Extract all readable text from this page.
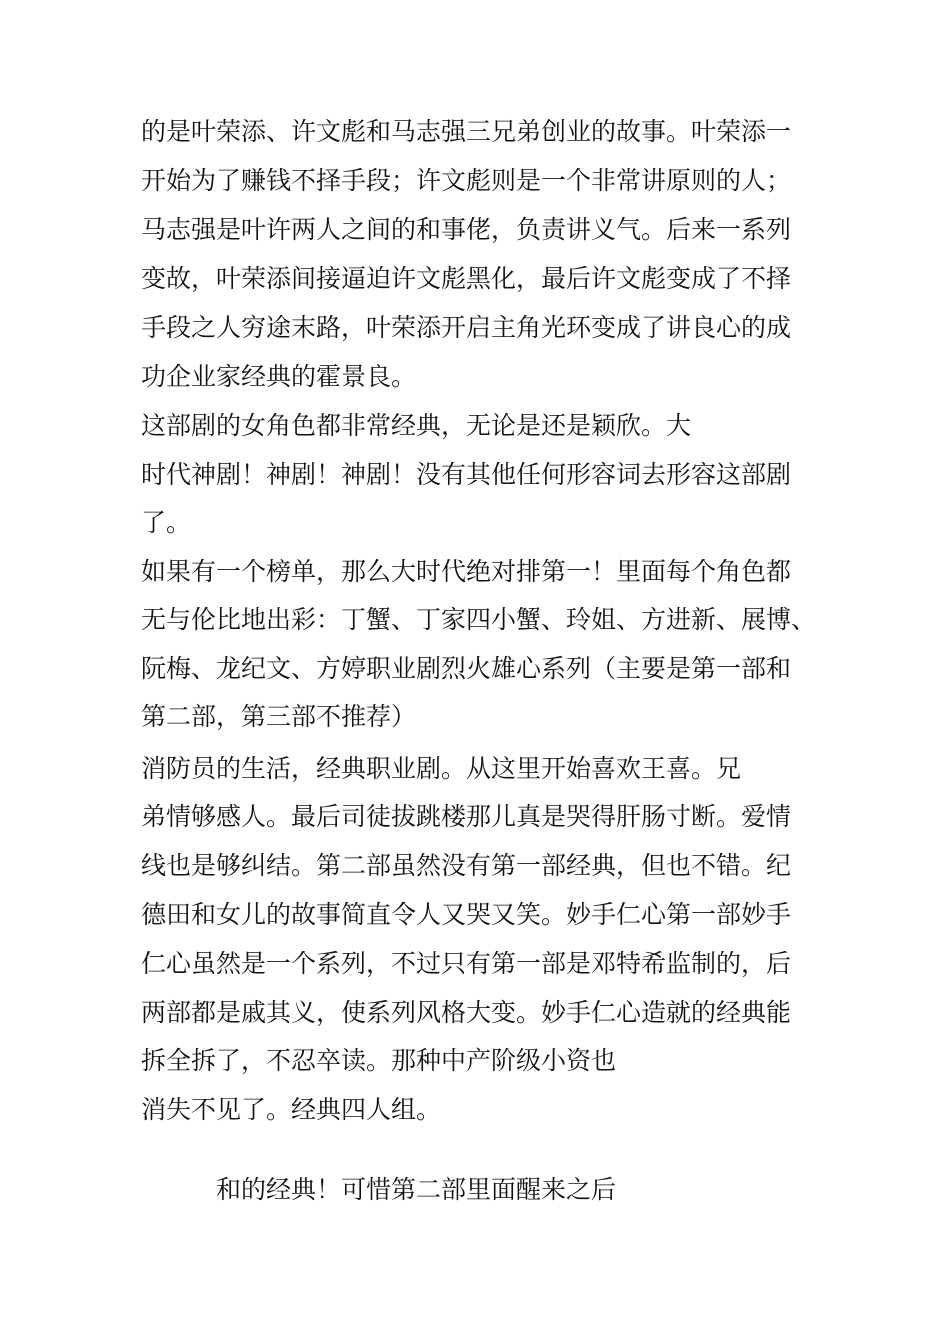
的是叶荣添、许文彪和马志强三兄弟创业的故事。叶荣添一
开始为了赚钱不择手段；许文彪则是一个非常讲原则的人；
马志强是叶许两人之间的和事佬，负责讲义气。后来一系列
变故，叶荣添间接逼迫许文彪黑化，最后许文彪变成了不择
手段之人穷途末路，叶荣添开启主角光环变成了讲良心的成
功企业家经典的霍景良。
这部剧的女角色都非常经典，无论是还是颖欣。大
时代神剧！神剧！神剧！没有其他任何形容词去形容这部剧
了。
如果有一个榜单，那么大时代绝对排第一！里面每个角色都
无与伦比地出彩：丁蟹、丁家四小蟹、玲姐、方进新、展博、
阮梅、龙纪文、方婷职业剧烈火雄心系列（主要是第一部和
第二部，第三部不推荐）
消防员的生活，经典职业剧。从这里开始喜欢王喜。兄
弟情够感人。最后司徒拔跳楼那儿真是哭得肝肠寸断。爱情
线也是够纠结。第二部虽然没有第一部经典，但也不错。纪
德田和女儿的故事简直令人又哭又笑。妙手仁心第一部妙手
仁心虽然是一个系列，不过只有第一部是邓特希监制的，后
两部都是戚其义，使系列风格大变。妙手仁心造就的经典能
拆全拆了，不忍卒读。那种中产阶级小资也
消失不见了。经典四人组。
和的经典！可惜第二部里面醒来之后
